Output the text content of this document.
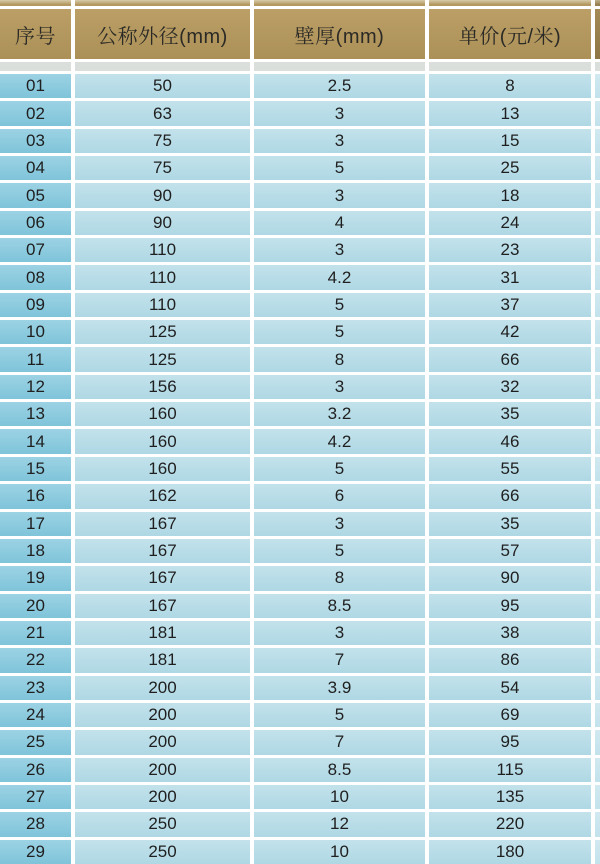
序号	公称外径(mm)	壁厚(mm)	单价(元/米)
01	50	2.5	8
02	63	3	13
03	75	3	15
04	75	5	25
05	90	3	18
06	90	4	24
07	110	3	23
08	110	4.2	31
09	110	5	37
10	125	5	42
11	125	8	66
12	156	3	32
13	160	3.2	35
14	160	4.2	46
15	160	5	55
16	162	6	66
17	167	3	35
18	167	5	57
19	167	8	90
20	167	8.5	95
21	181	3	38
22	181	7	86
23	200	3.9	54
24	200	5	69
25	200	7	95
26	200	8.5	115
27	200	10	135
28	250	12	220
29	250	10	180
